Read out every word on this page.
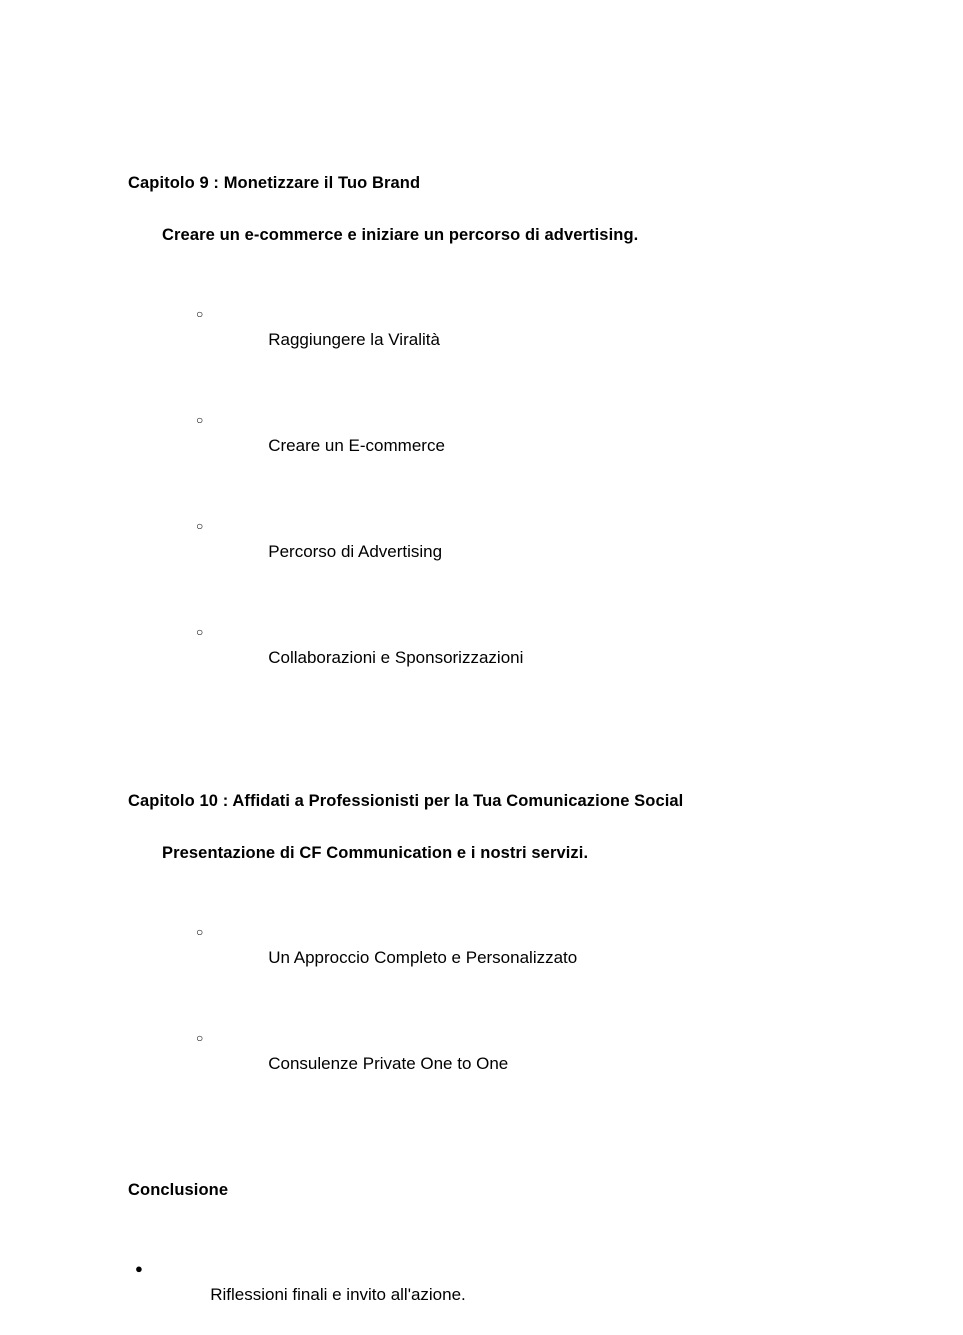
Capitolo 9 : Monetizzare il Tuo Brand

Creare un e-commerce e iniziare un percorso di advertising.

○

Raggiungere la Viralità

○

Creare un E-commerce

○

Percorso di Advertising

○

Collaborazioni e Sponsorizzazioni

Capitolo 10 : Affidati a Professionisti per la Tua Comunicazione Social

Presentazione di CF Communication e i nostri servizi.

○

Un Approccio Completo e Personalizzato

○

Consulenze Private One to One

Conclusione

●

Riflessioni finali e invito all'azione.
